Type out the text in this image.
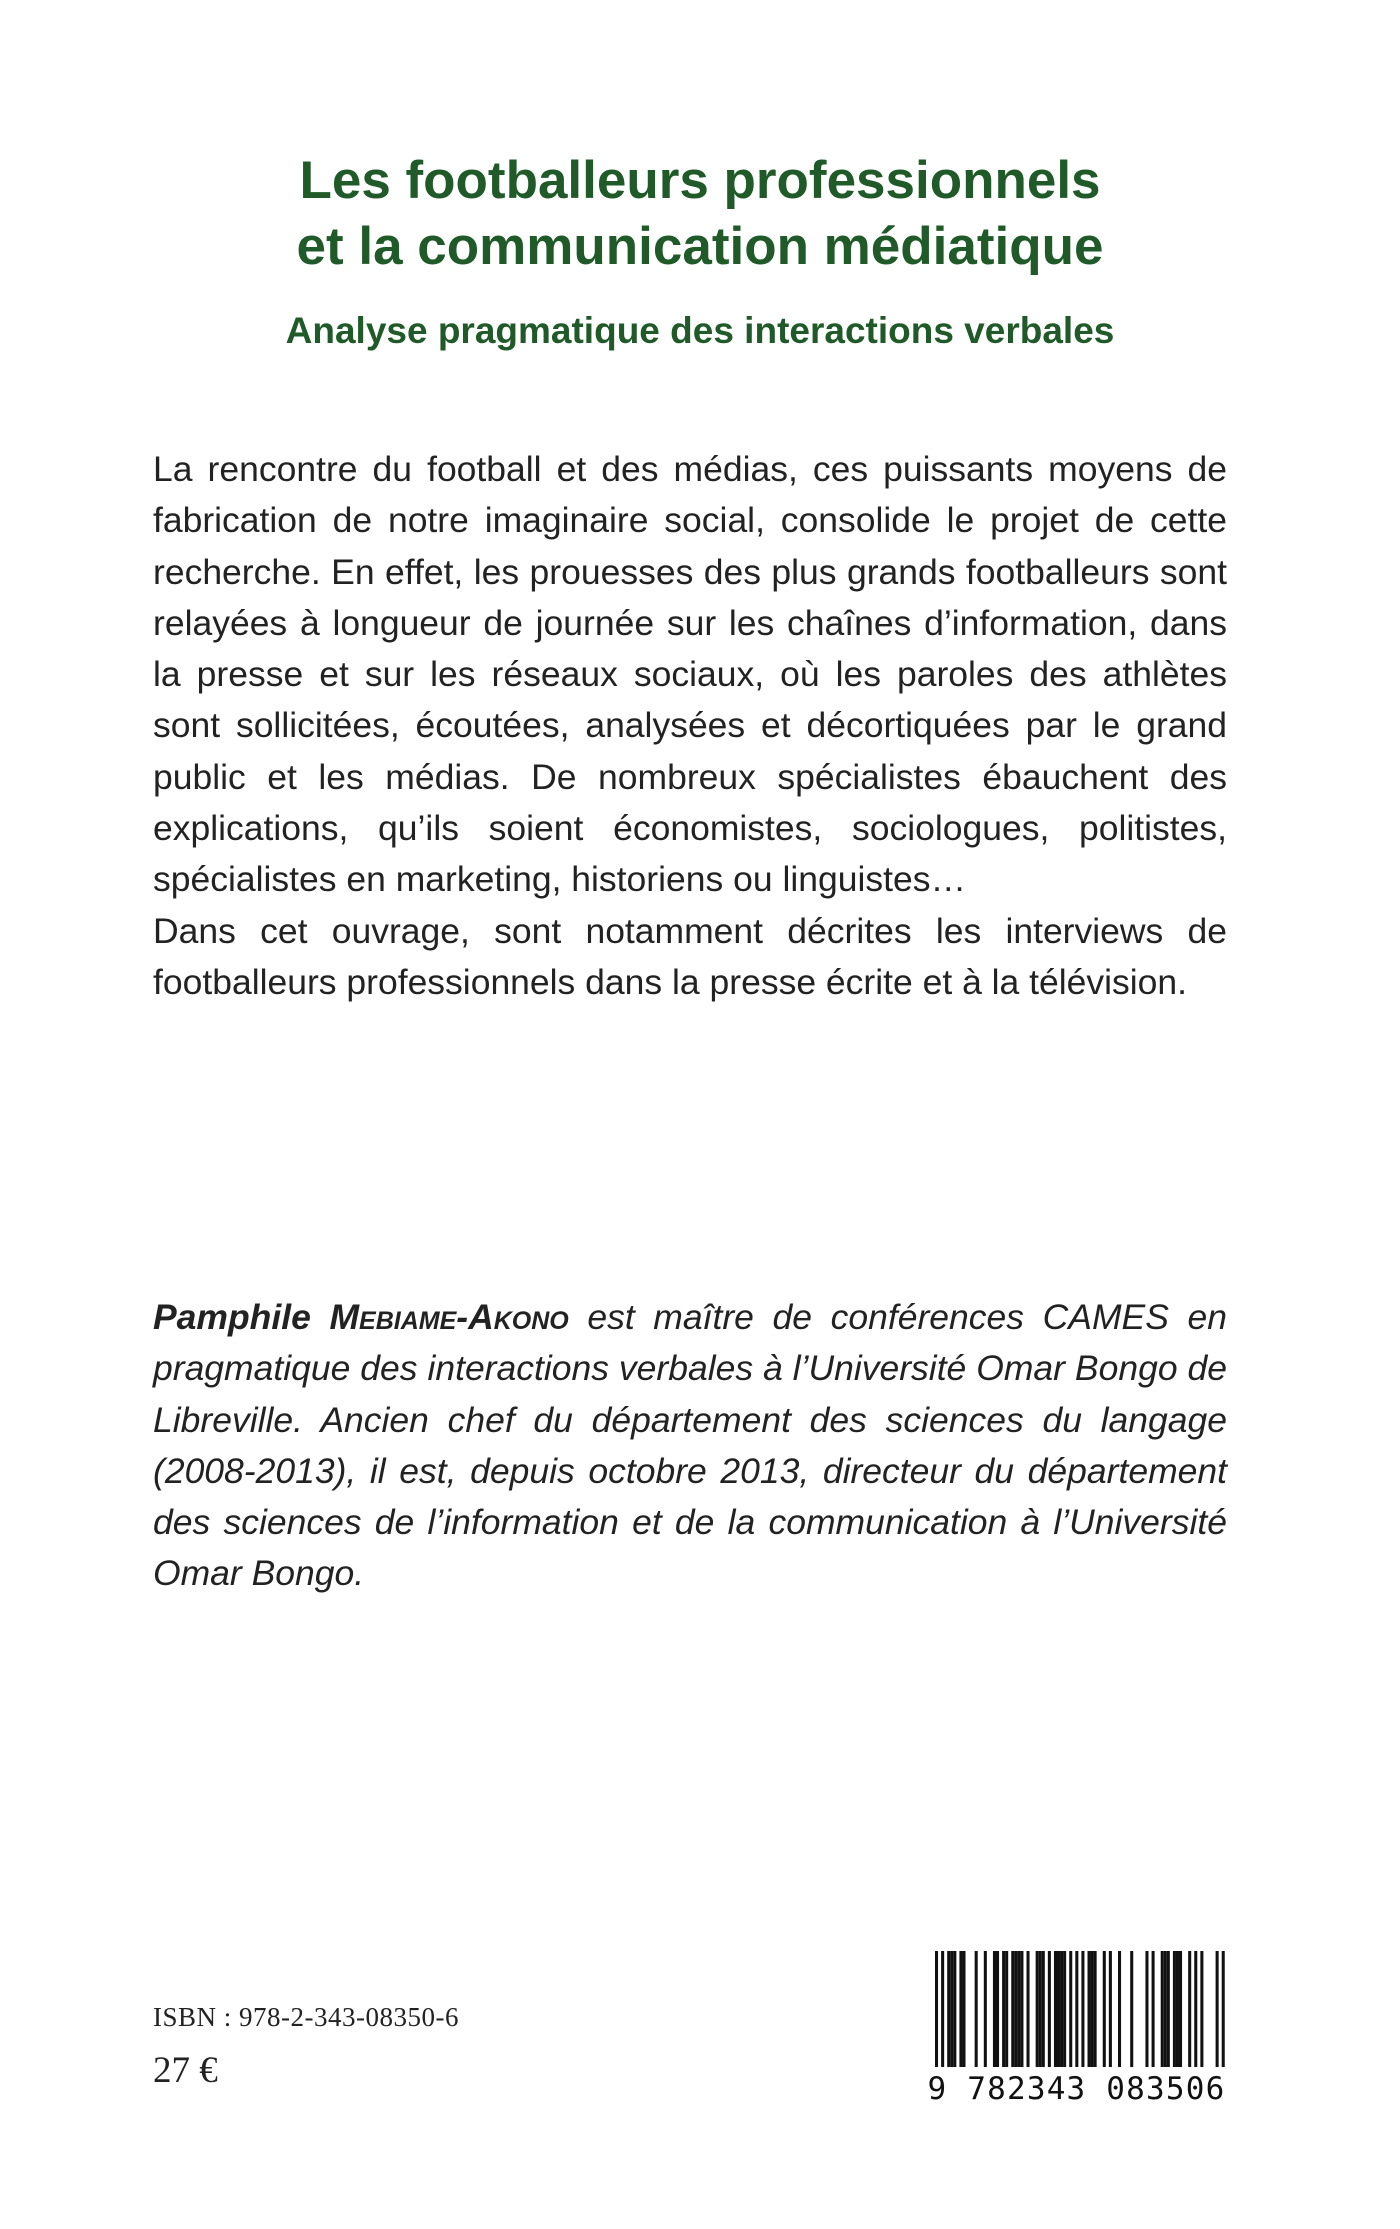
Les footballeurs professionnels
et la communication médiatique
Analyse pragmatique des interactions verbales

La rencontre du football et des médias, ces puissants moyens de fabrication de notre imaginaire social, consolide le projet de cette recherche. En effet, les prouesses des plus grands footballeurs sont relayées à longueur de journée sur les chaînes d’information, dans la presse et sur les réseaux sociaux, où les paroles des athlètes sont sollicitées, écoutées, analysées et décortiquées par le grand public et les médias. De nombreux spécialistes ébauchent des explications, qu’ils soient économistes, sociologues, politistes, spécialistes en marketing, historiens ou linguistes…

Dans cet ouvrage, sont notamment décrites les interviews de footballeurs professionnels dans la presse écrite et à la télévision.

Pamphile Mebiame-Akono est maître de conférences CAMES en pragmatique des interactions verbales à l’Université Omar Bongo de Libreville. Ancien chef du département des sciences du langage (2008-2013), il est, depuis octobre 2013, directeur du département des sciences de l’information et de la communication à l’Université Omar Bongo.
ISBN : 978-2-343-08350-6
27 €	9 782343 083506
